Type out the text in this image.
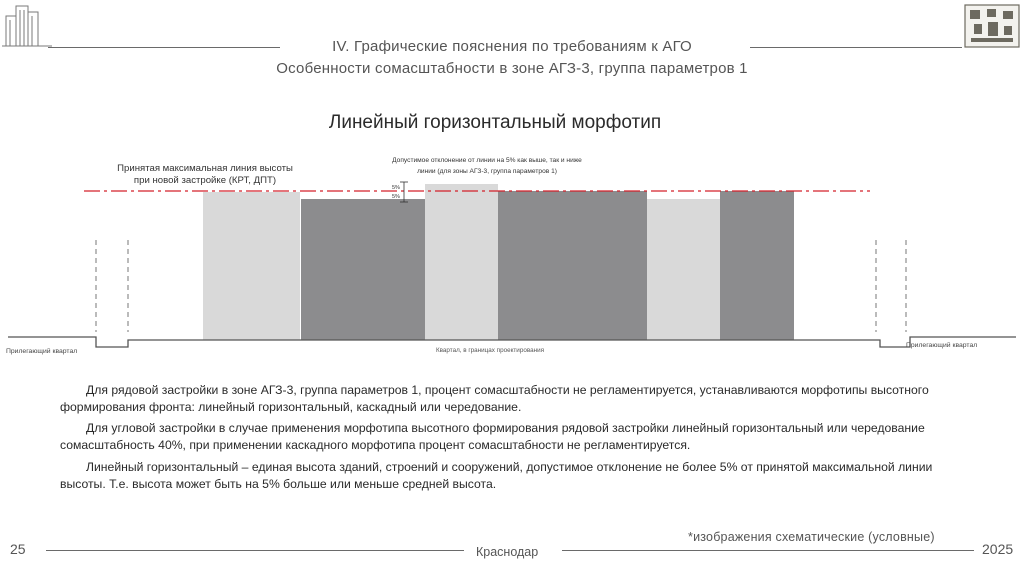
IV. Графические пояснения по требованиям к АГО
Особенности сомасштабности в зоне АГЗ-3, группа параметров 1
Линейный горизонтальный морфотип
5%
5%
Принятая максимальная линия высоты
при новой застройке (КРТ, ДПТ)
Допустимое отклонение от линии на 5% как выше, так и ниже
линии (для зоны АГЗ-3, группа параметров 1)
Прилегающий квартал	Квартал, в границах проектирования
Прилегающий квартал
Для рядовой застройки в зоне АГЗ-3, группа параметров 1, процент сомасштабности не регламентируется, устанавливаются морфотипы высотного формирования фронта: линейный горизонтальный, каскадный или чередование.
Для угловой застройки в случае применения морфотипа высотного формирования рядовой застройки линейный горизонтальный или чередование сомасштабность 40%, при применении каскадного морфотипа процент сомасштабности не регламентируется.
Линейный горизонтальный – единая высота зданий, строений и сооружений, допустимое отклонение не более 5% от принятой максимальной линии высоты. Т.е. высота может быть на 5% больше или меньше средней высота.
*изображения схематические (условные)
25	Краснодар	2025
